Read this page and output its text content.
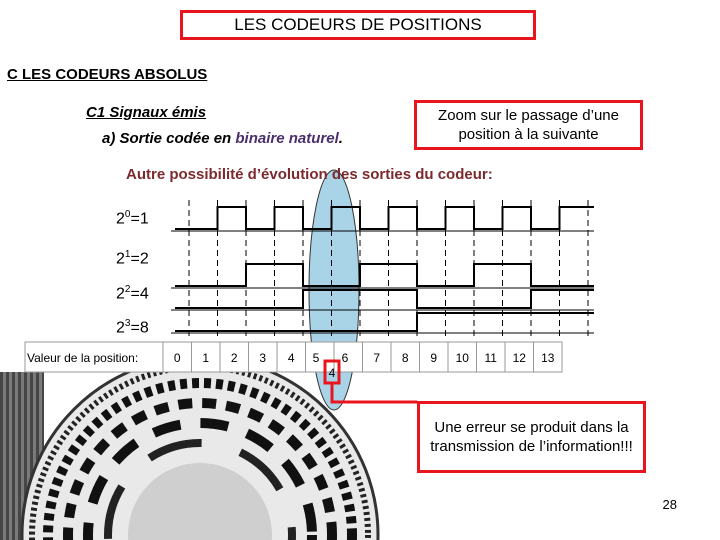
LES CODEURS DE POSITIONS
C LES CODEURS ABSOLUS
C1 Signaux émis
a) Sortie codée en binaire naturel.
Zoom sur le passage d’une position à la suivante
0 1 2 3 4	7 8 9 10 11 12 13
5 6
4
$2^0=1$
$2^1=2$
$2^2=4$
$2^3=8$
Valeur de la position:
Autre possibilité d’évolution des sorties du codeur:
Une erreur se produit dans la transmission de l’information!!!
28
